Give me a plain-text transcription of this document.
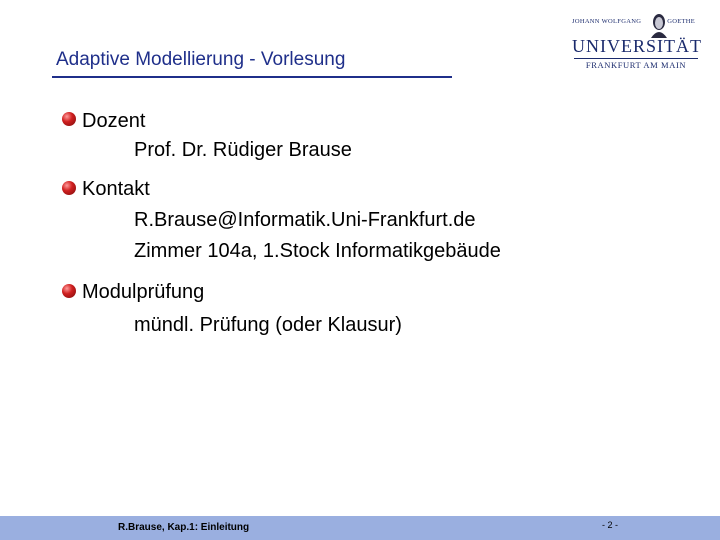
Adaptive Modellierung - Vorlesung
JOHANN WOLFGANG	GOETHE
UNIVERSITÄT
FRANKFURT AM MAIN
Dozent
Prof. Dr. Rüdiger Brause
Kontakt
R.Brause@Informatik.Uni-Frankfurt.de
Zimmer 104a, 1.Stock Informatikgebäude
Modulprüfung
mündl. Prüfung (oder Klausur)
R.Brause, Kap.1: Einleitung	- 2 -
